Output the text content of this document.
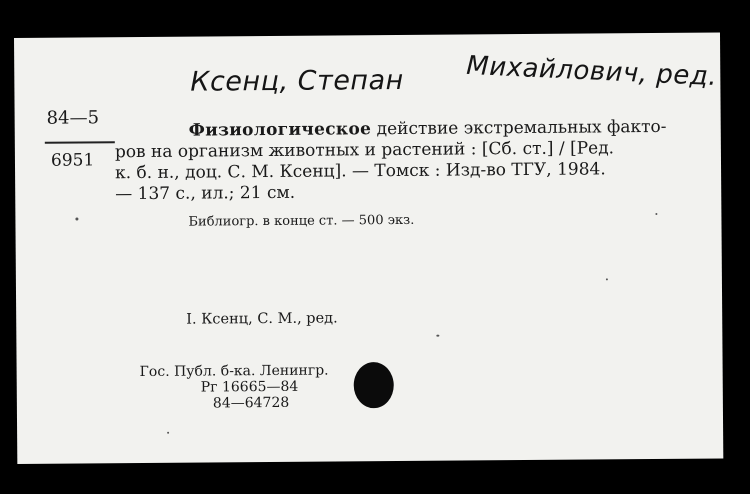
Ксенц, Степан Михайлович, ред.
84—5
6951
Физиологическое действие экстремальных факто-
ров на организм животных и растений : [Сб. ст.] / [Ред.
к. б. н., доц. С. М. Ксенц]. — Томск : Изд-во ТГУ, 1984.
— 137 с., ил.; 21 см.
Библиогр. в конце ст. — 500 экз.
I. Ксенц, С. М., ред.
Гос. Публ. б-ка. Ленингр.
Рг 16665—84
84—64728
